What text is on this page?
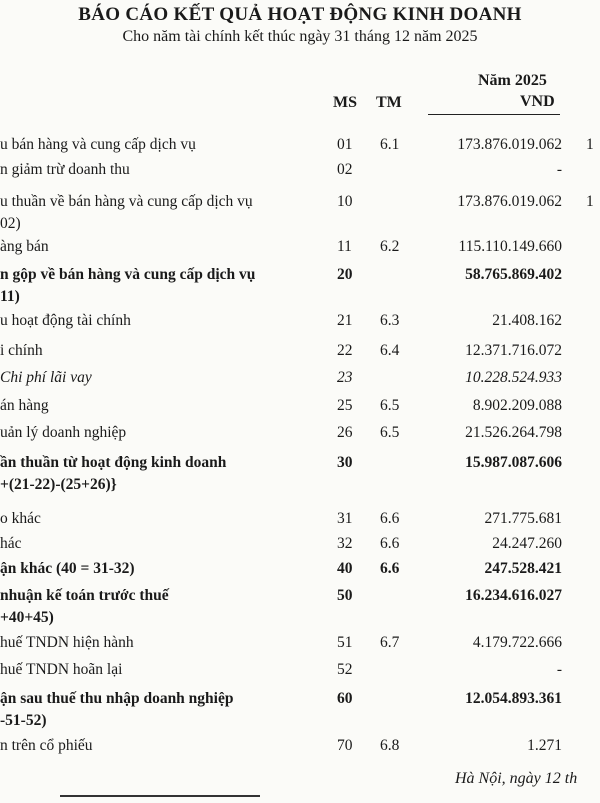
BÁO CÁO KẾT QUẢ HOẠT ĐỘNG KINH DOANH
Cho năm tài chính kết thúc ngày 31 tháng 12 năm 2025
Năm 2025
MS TM	VND
u bán hàng và cung cấp dịch vụ	01 6.1	173.876.019.062 1
n giảm trừ doanh thu	02	-
u thuần về bán hàng và cung cấp dịch vụ
02)
10	173.876.019.062 1
àng bán	11 6.2	115.110.149.660
n gộp về bán hàng và cung cấp dịch vụ
11)
20	58.765.869.402
u hoạt động tài chính	21 6.3	21.408.162
i chính	22 6.4	12.371.716.072
Chi phí lãi vay	23	10.228.524.933
án hàng	25 6.5	8.902.209.088
uản lý doanh nghiệp	26 6.5	21.526.264.798
ần thuần từ hoạt động kinh doanh
+(21-22)-(25+26)}
30	15.987.087.606
o khác	31 6.6	271.775.681
hác	32 6.6	24.247.260
ận khác (40 = 31-32)	40 6.6	247.528.421
nhuận kế toán trước thuế
+40+45)
50	16.234.616.027
huế TNDN hiện hành	51 6.7	4.179.722.666
huế TNDN hoãn lại	52	-
ận sau thuế thu nhập doanh nghiệp
-51-52)
60	12.054.893.361
n trên cổ phiếu	70 6.8	1.271
Hà Nội, ngày 12 th
